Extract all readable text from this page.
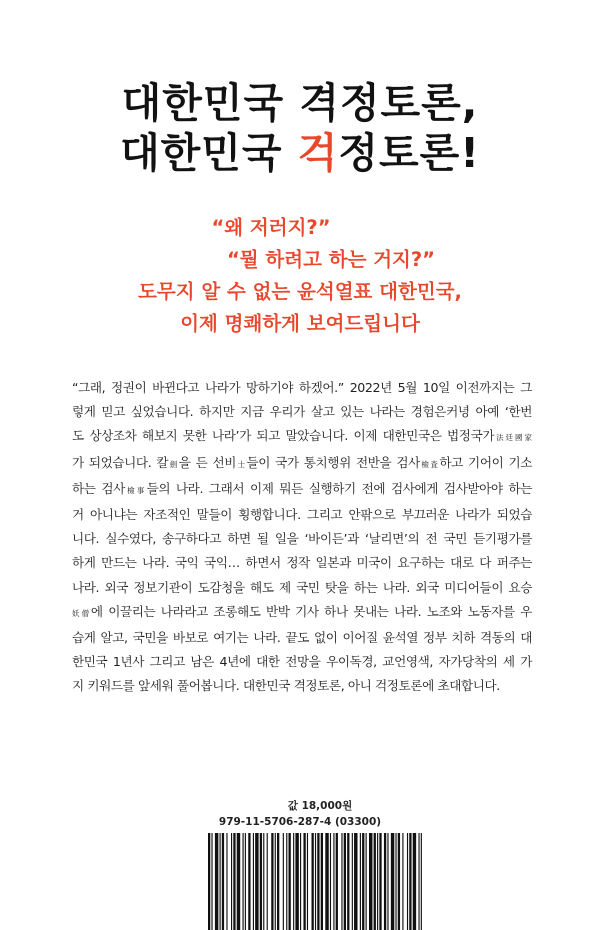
대한민국 격정토론,
대한민국 걱정토론!
“왜 저러지?”
“뭘 하려고 하는 거지?”
도무지 알 수 없는 윤석열표 대한민국,
이제 명쾌하게 보여드립니다
“그래, 정권이 바뀐다고 나라가 망하기야 하겠어.” 2022년 5월 10일 이전까지는 그
렇게 믿고 싶었습니다. 하지만 지금 우리가 살고 있는 나라는 경험은커녕 아예 ‘한번
도 상상조차 해보지 못한 나라’가 되고 말았습니다. 이제 대한민국은 법정국가法廷國家
가 되었습니다. 칼劍을 든 선비士들이 국가 통치행위 전반을 검사檢査하고 기어이 기소
하는 검사檢事들의 나라. 그래서 이제 뭐든 실행하기 전에 검사에게 검사받아야 하는
거 아니냐는 자조적인 말들이 횡행합니다. 그리고 안팎으로 부끄러운 나라가 되었습
니다. 실수였다, 송구하다고 하면 될 일을 ‘바이든’과 ‘날리면’의 전 국민 듣기평가를
하게 만드는 나라. 국익 국익… 하면서 정작 일본과 미국이 요구하는 대로 다 퍼주는
나라. 외국 정보기관이 도감청을 해도 제 국민 탓을 하는 나라. 외국 미디어들이 요승
妖僧에 이끌리는 나라라고 조롱해도 반박 기사 하나 못내는 나라. 노조와 노동자를 우
습게 알고, 국민을 바보로 여기는 나라. 끝도 없이 이어질 윤석열 정부 치하 격동의 대
한민국 1년사 그리고 남은 4년에 대한 전망을 우이독경, 교언영색, 자가당착의 세 가
지 키워드를 앞세워 풀어봅니다. 대한민국 격정토론, 아니 걱정토론에 초대합니다.
값 18,000원
979-11-5706-287-4 (03300)
